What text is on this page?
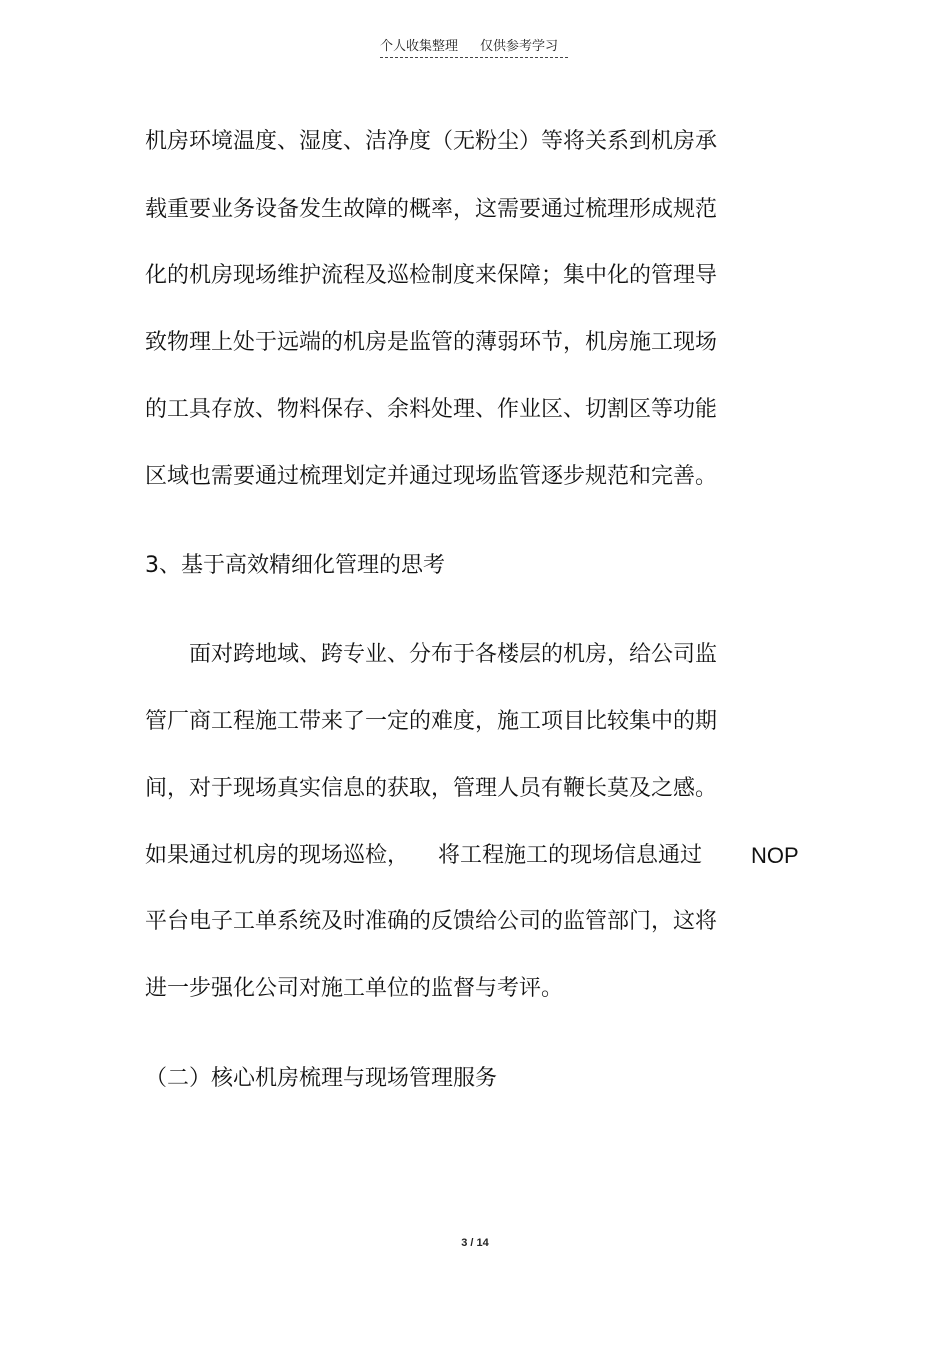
个人收集整理 仅供参考学习
机房环境温度、湿度、洁净度（无粉尘）等将关系到机房承
载重要业务设备发生故障的概率，这需要通过梳理形成规范
化的机房现场维护流程及巡检制度来保障；集中化的管理导
致物理上处于远端的机房是监管的薄弱环节，机房施工现场
的工具存放、物料保存、余料处理、作业区、切割区等功能
区域也需要通过梳理划定并通过现场监管逐步规范和完善。
3、基于高效精细化管理的思考
面对跨地域、跨专业、分布于各楼层的机房，给公司监
管厂商工程施工带来了一定的难度，施工项目比较集中的期
间，对于现场真实信息的获取，管理人员有鞭长莫及之感。
如果通过机房的现场巡检， 将工程施工的现场信息通过 NOP
平台电子工单系统及时准确的反馈给公司的监管部门，这将
进一步强化公司对施工单位的监督与考评。
（二）核心机房梳理与现场管理服务
3 / 14
